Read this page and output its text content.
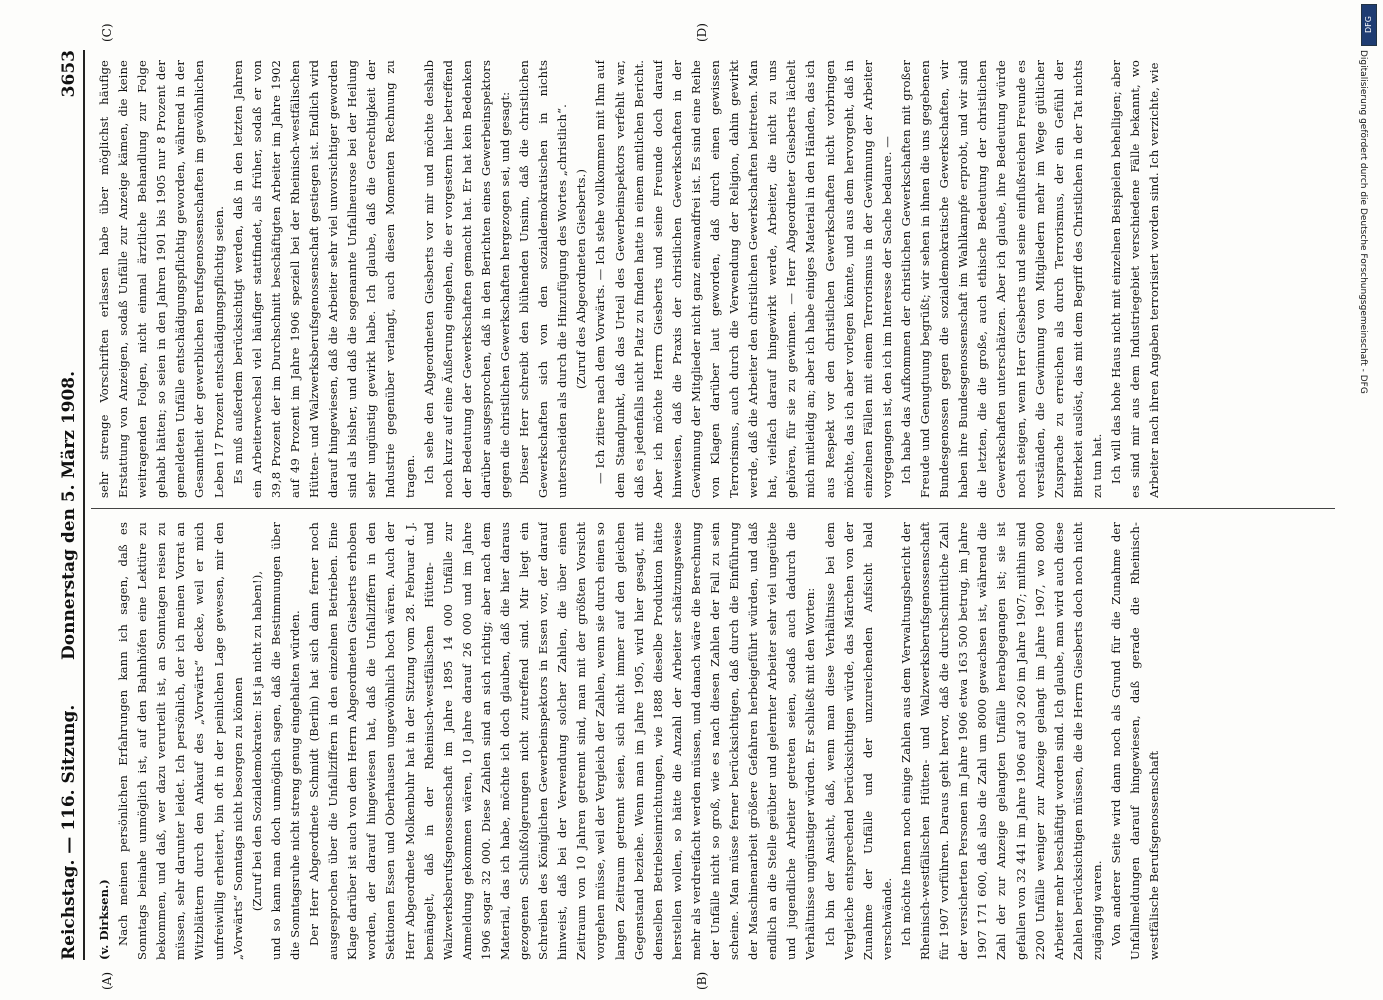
Reichstag. — 116. Sitzung.
Donnerstag den 5. März 1908.
3653
(A)	(B)
(C)	(D)

(v. Dirksen.) Nach meinen persönlichen Erfahrungen kann ich sagen, daß es Sonntags beinahe unmöglich ist, auf den Bahnhöfen eine Lektüre zu bekommen, und daß, wer dazu verurteilt ist, an Sonntagen reisen zu müssen, sehr darunter leidet. Ich persönlich, der ich meinen Vorrat an Witzblättern durch den Ankauf des „Vorwärts“ decke, weil er mich unfreiwillig erheitert, bin oft in der peinlichen Lage gewesen, mir den „Vorwärts“ Sonntags nicht besorgen zu können (Zuruf bei den Sozialdemokraten: Ist ja nicht zu haben!), und so kann man doch unmöglich sagen, daß die Bestimmungen über die Sonntagsruhe nicht streng genug eingehalten würden. Der Herr Abgeordnete Schmidt (Berlin) hat sich dann ferner noch ausgesprochen über die Unfallziffern in den einzelnen Betrieben. Eine Klage darüber ist auch von dem Herrn Abgeordneten Giesberts erhoben worden, der darauf hingewiesen hat, daß die Unfallziffern in den Sektionen Essen und Oberhausen ungewöhnlich hoch wären. Auch der Herr Abgeordnete Molkenbuhr hat in der Sitzung vom 28. Februar d. J. bemängelt, daß in der Rheinisch-westfälischen Hütten- und Walzwerksberufsgenossenschaft im Jahre 1895 14 000 Unfälle zur Anmeldung gekommen wären, 10 Jahre darauf 26 000 und im Jahre 1906 sogar 32 000. Diese Zahlen sind an sich richtig; aber nach dem Material, das ich habe, möchte ich doch glauben, daß die hier daraus gezogenen Schlußfolgerungen nicht zutreffend sind. Mir liegt ein Schreiben des Königlichen Gewerbeinspektors in Essen vor, der darauf hinweist, daß bei der Verwendung solcher Zahlen, die über einen Zeitraum von 10 Jahren getrennt sind, man mit der größten Vorsicht vorgehen müsse, weil der Vergleich der Zahlen, wenn sie durch einen so langen Zeitraum getrennt seien, sich nicht immer auf den gleichen Gegenstand beziehe. Wenn man im Jahre 1905, wird hier gesagt, mit denselben Betriebseinrichtungen, wie 1888 dieselbe Produktion hätte herstellen wollen, so hätte die Anzahl der Arbeiter schätzungsweise mehr als verdreifacht werden müssen, und danach wäre die Berechnung der Unfälle nicht so groß, wie es nach diesen Zahlen der Fall zu sein scheine. Man müsse ferner berücksichtigen, daß durch die Einführung der Maschinenarbeit größere Gefahren herbeigeführt würden, und daß endlich an die Stelle geübter und gelernter Arbeiter sehr viel ungeübte und jugendliche Arbeiter getreten seien, sodaß auch dadurch die Verhältnisse ungünstiger würden. Er schließt mit den Worten: Ich bin der Ansicht, daß, wenn man diese Verhältnisse bei dem Vergleiche entsprechend berücksichtigen würde, das Märchen von der Zunahme der Unfälle und der unzureichenden Aufsicht bald verschwände. Ich möchte Ihnen noch einige Zahlen aus dem Verwaltungsbericht der Rheinisch-westfälischen Hütten- und Walzwerksberufsgenossenschaft für 1907 vorführen. Daraus geht hervor, daß die durchschnittliche Zahl der versicherten Personen im Jahre 1906 etwa 163 500 betrug, im Jahre 1907 171 600, daß also die Zahl um 8000 gewachsen ist, während die Zahl der zur Anzeige gelangten Unfälle herabgegangen ist; sie ist gefallen von 32 441 im Jahre 1906 auf 30 260 im Jahre 1907; mithin sind 2200 Unfälle weniger zur Anzeige gelangt im Jahre 1907, wo 8000 Arbeiter mehr beschäftigt worden sind. Ich glaube, man wird auch diese Zahlen berücksichtigen müssen, die die Herrn Giesberts doch noch nicht zugängig waren. Von anderer Seite wird dann noch als Grund für die Zunahme der Unfallmeldungen darauf hingewiesen, daß gerade die Rheinisch-westfälische Berufsgenossenschaft

sehr strenge Vorschriften erlassen habe über möglichst häufige Erstattung von Anzeigen, sodaß Unfälle zur Anzeige kämen, die keine weitragenden Folgen, nicht einmal ärztliche Behandlung zur Folge gehabt hätten; so seien in den Jahren 1901 bis 1905 nur 8 Prozent der gemeldeten Unfälle entschädigungspflichtig geworden, während in der Gesamtheit der gewerblichen Berufsgenossenschaften im gewöhnlichen Leben 17 Prozent entschädigungspflichtig seien. Es muß außerdem berücksichtigt werden, daß in den letzten Jahren ein Arbeiterwechsel viel häufiger stattfindet, als früher, sodaß er von 39,8 Prozent der im Durchschnitt beschäftigten Arbeiter im Jahre 1902 auf 49 Prozent im Jahre 1906 speziell bei der Rheinisch-westfälischen Hütten- und Walzwerksberufsgenossenschaft gestiegen ist. Endlich wird darauf hingewiesen, daß die Arbeiter sehr viel unvorsichtiger geworden sind als bisher, und daß die sogenannte Unfallneurose bei der Heilung sehr ungünstig gewirkt habe. Ich glaube, daß die Gerechtigkeit der Industrie gegenüber verlangt, auch diesen Momenten Rechnung zu tragen. Ich sehe den Abgeordneten Giesberts vor mir und möchte deshalb noch kurz auf eine Äußerung eingehen, die er vorgestern hier betreffend der Bedeutung der Gewerkschaften gemacht hat. Er hat kein Bedenken darüber ausgesprochen, daß in den Berichten eines Gewerbeinspektors gegen die christlichen Gewerkschaften hergezogen sei, und gesagt: Dieser Herr schreibt den blühenden Unsinn, daß die christlichen Gewerkschaften sich von den sozialdemokratischen in nichts unterscheiden als durch die Hinzufügung des Wortes „christlich“. (Zuruf des Abgeordneten Giesberts.) — Ich zitiere nach dem Vorwärts. — Ich stehe vollkommen mit Ihm auf dem Standpunkt, daß das Urteil des Gewerbeinspektors verfehlt war, daß es jedenfalls nicht Platz zu finden hatte in einem amtlichen Bericht. Aber ich möchte Herrn Giesberts und seine Freunde doch darauf hinweisen, daß die Praxis der christlichen Gewerkschaften in der Gewinnung der Mitglieder nicht ganz einwandfrei ist. Es sind eine Reihe von Klagen darüber laut geworden, daß durch einen gewissen Terrorismus, auch durch die Verwendung der Religion, dahin gewirkt werde, daß die Arbeiter den christlichen Gewerkschaften beitreten. Man hat, vielfach darauf hingewirkt werde, Arbeiter, die nicht zu uns gehören, für sie zu gewinnen. — Herr Abgeordneter Giesberts lächelt mich mitleidig an; aber ich habe einiges Material in den Händen, das ich aus Respekt vor den christlichen Gewerkschaften nicht vorbringen möchte, das ich aber vorlegen könnte, und aus dem hervorgeht, daß in einzelnen Fällen mit einem Terrorismus in der Gewinnung der Arbeiter vorgegangen ist, den ich im Interesse der Sache bedaure. — Ich habe das Aufkommen der christlichen Gewerkschaften mit großer Freude und Genugtuung begrüßt; wir sehen in ihnen die uns gegebenen Bundesgenossen gegen die sozialdemokratische Gewerkschaften, wir haben ihre Bundesgenossenschaft im Wahlkampfe erprobt, und wir sind die letzten, die die große, auch ethische Bedeutung der christlichen Gewerkschaften unterschätzen. Aber ich glaube, ihre Bedeutung würde noch steigen, wenn Herr Giesberts und seine einflußreichen Freunde es verständen, die Gewinnung von Mitgliedern mehr im Wege gütlicher Zusprache zu erreichen als durch Terrorismus, der ein Gefühl der Bitterkeit auslöst, das mit dem Begriff des Christlichen in der Tat nichts zu tun hat. Ich will das hohe Haus nicht mit einzelnen Beispielen behelligen; aber es sind mir aus dem Industriegebiet verschiedene Fälle bekannt, wo Arbeiter nach ihren Angaben terrorisiert worden sind. Ich verzichte, wie

DFG
Digitalisierung gefördert durch die Deutsche Forschungsgemeinschaft - DFG
